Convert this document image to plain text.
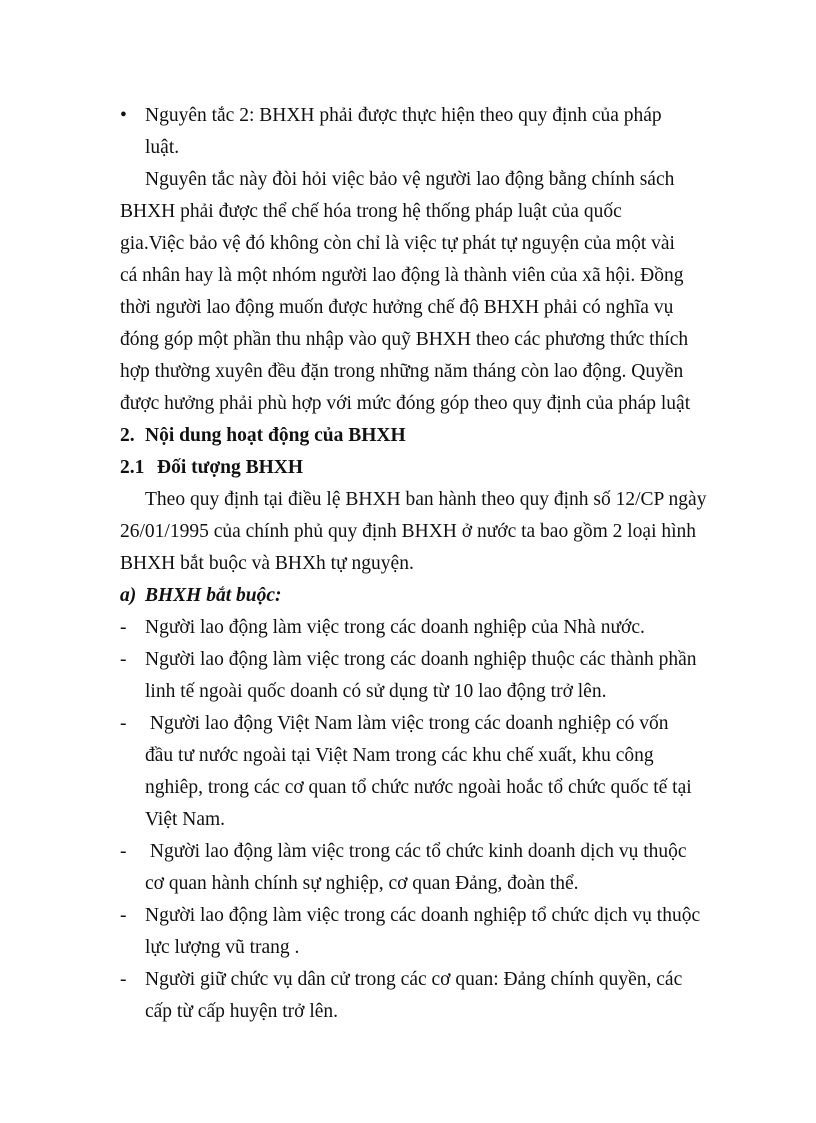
• Nguyên tắc 2: BHXH phải được thực hiện theo quy định của pháp
luật.
Nguyên tắc này đòi hỏi việc bảo vệ người lao động bằng chính sách
BHXH phải được thể chế hóa trong hệ thống pháp luật của quốc
gia.Việc bảo vệ đó không còn chỉ là việc tự phát tự nguyện của một vài
cá nhân hay là một nhóm người lao động là thành viên của xã hội. Đồng
thời người lao động muốn được hưởng chế độ BHXH phải có nghĩa vụ
đóng góp một phần thu nhập vào quỹ BHXH theo các phương thức thích
hợp thường xuyên đều đặn trong những năm tháng còn lao động. Quyền
được hưởng phải phù hợp với mức đóng góp theo quy định của pháp luật
2. Nội dung hoạt động của BHXH
2.1 Đối tượng BHXH
Theo quy định tại điều lệ BHXH ban hành theo quy định số 12/CP ngày
26/01/1995 của chính phủ quy định BHXH ở nước ta bao gồm 2 loại hình
BHXH bắt buộc và BHXh tự nguyện.
a) BHXH bắt buộc:
- Người lao động làm việc trong các doanh nghiệp của Nhà nước.
- Người lao động làm việc trong các doanh nghiệp thuộc các thành phần
linh tế ngoài quốc doanh có sử dụng từ 10 lao động trở lên.
- Người lao động Việt Nam làm việc trong các doanh nghiệp có vốn
đầu tư nước ngoài tại Việt Nam trong các khu chế xuất, khu công
nghiêp, trong các cơ quan tổ chức nước ngoài hoắc tổ chức quốc tế tại
Việt Nam.
- Người lao động làm việc trong các tổ chức kinh doanh dịch vụ thuộc
cơ quan hành chính sự nghiệp, cơ quan Đảng, đoàn thể.
- Người lao động làm việc trong các doanh nghiệp tổ chức dịch vụ thuộc
lực lượng vũ trang .
- Người giữ chức vụ dân cử trong các cơ quan: Đảng chính quyền, các
cấp từ cấp huyện trở lên.
